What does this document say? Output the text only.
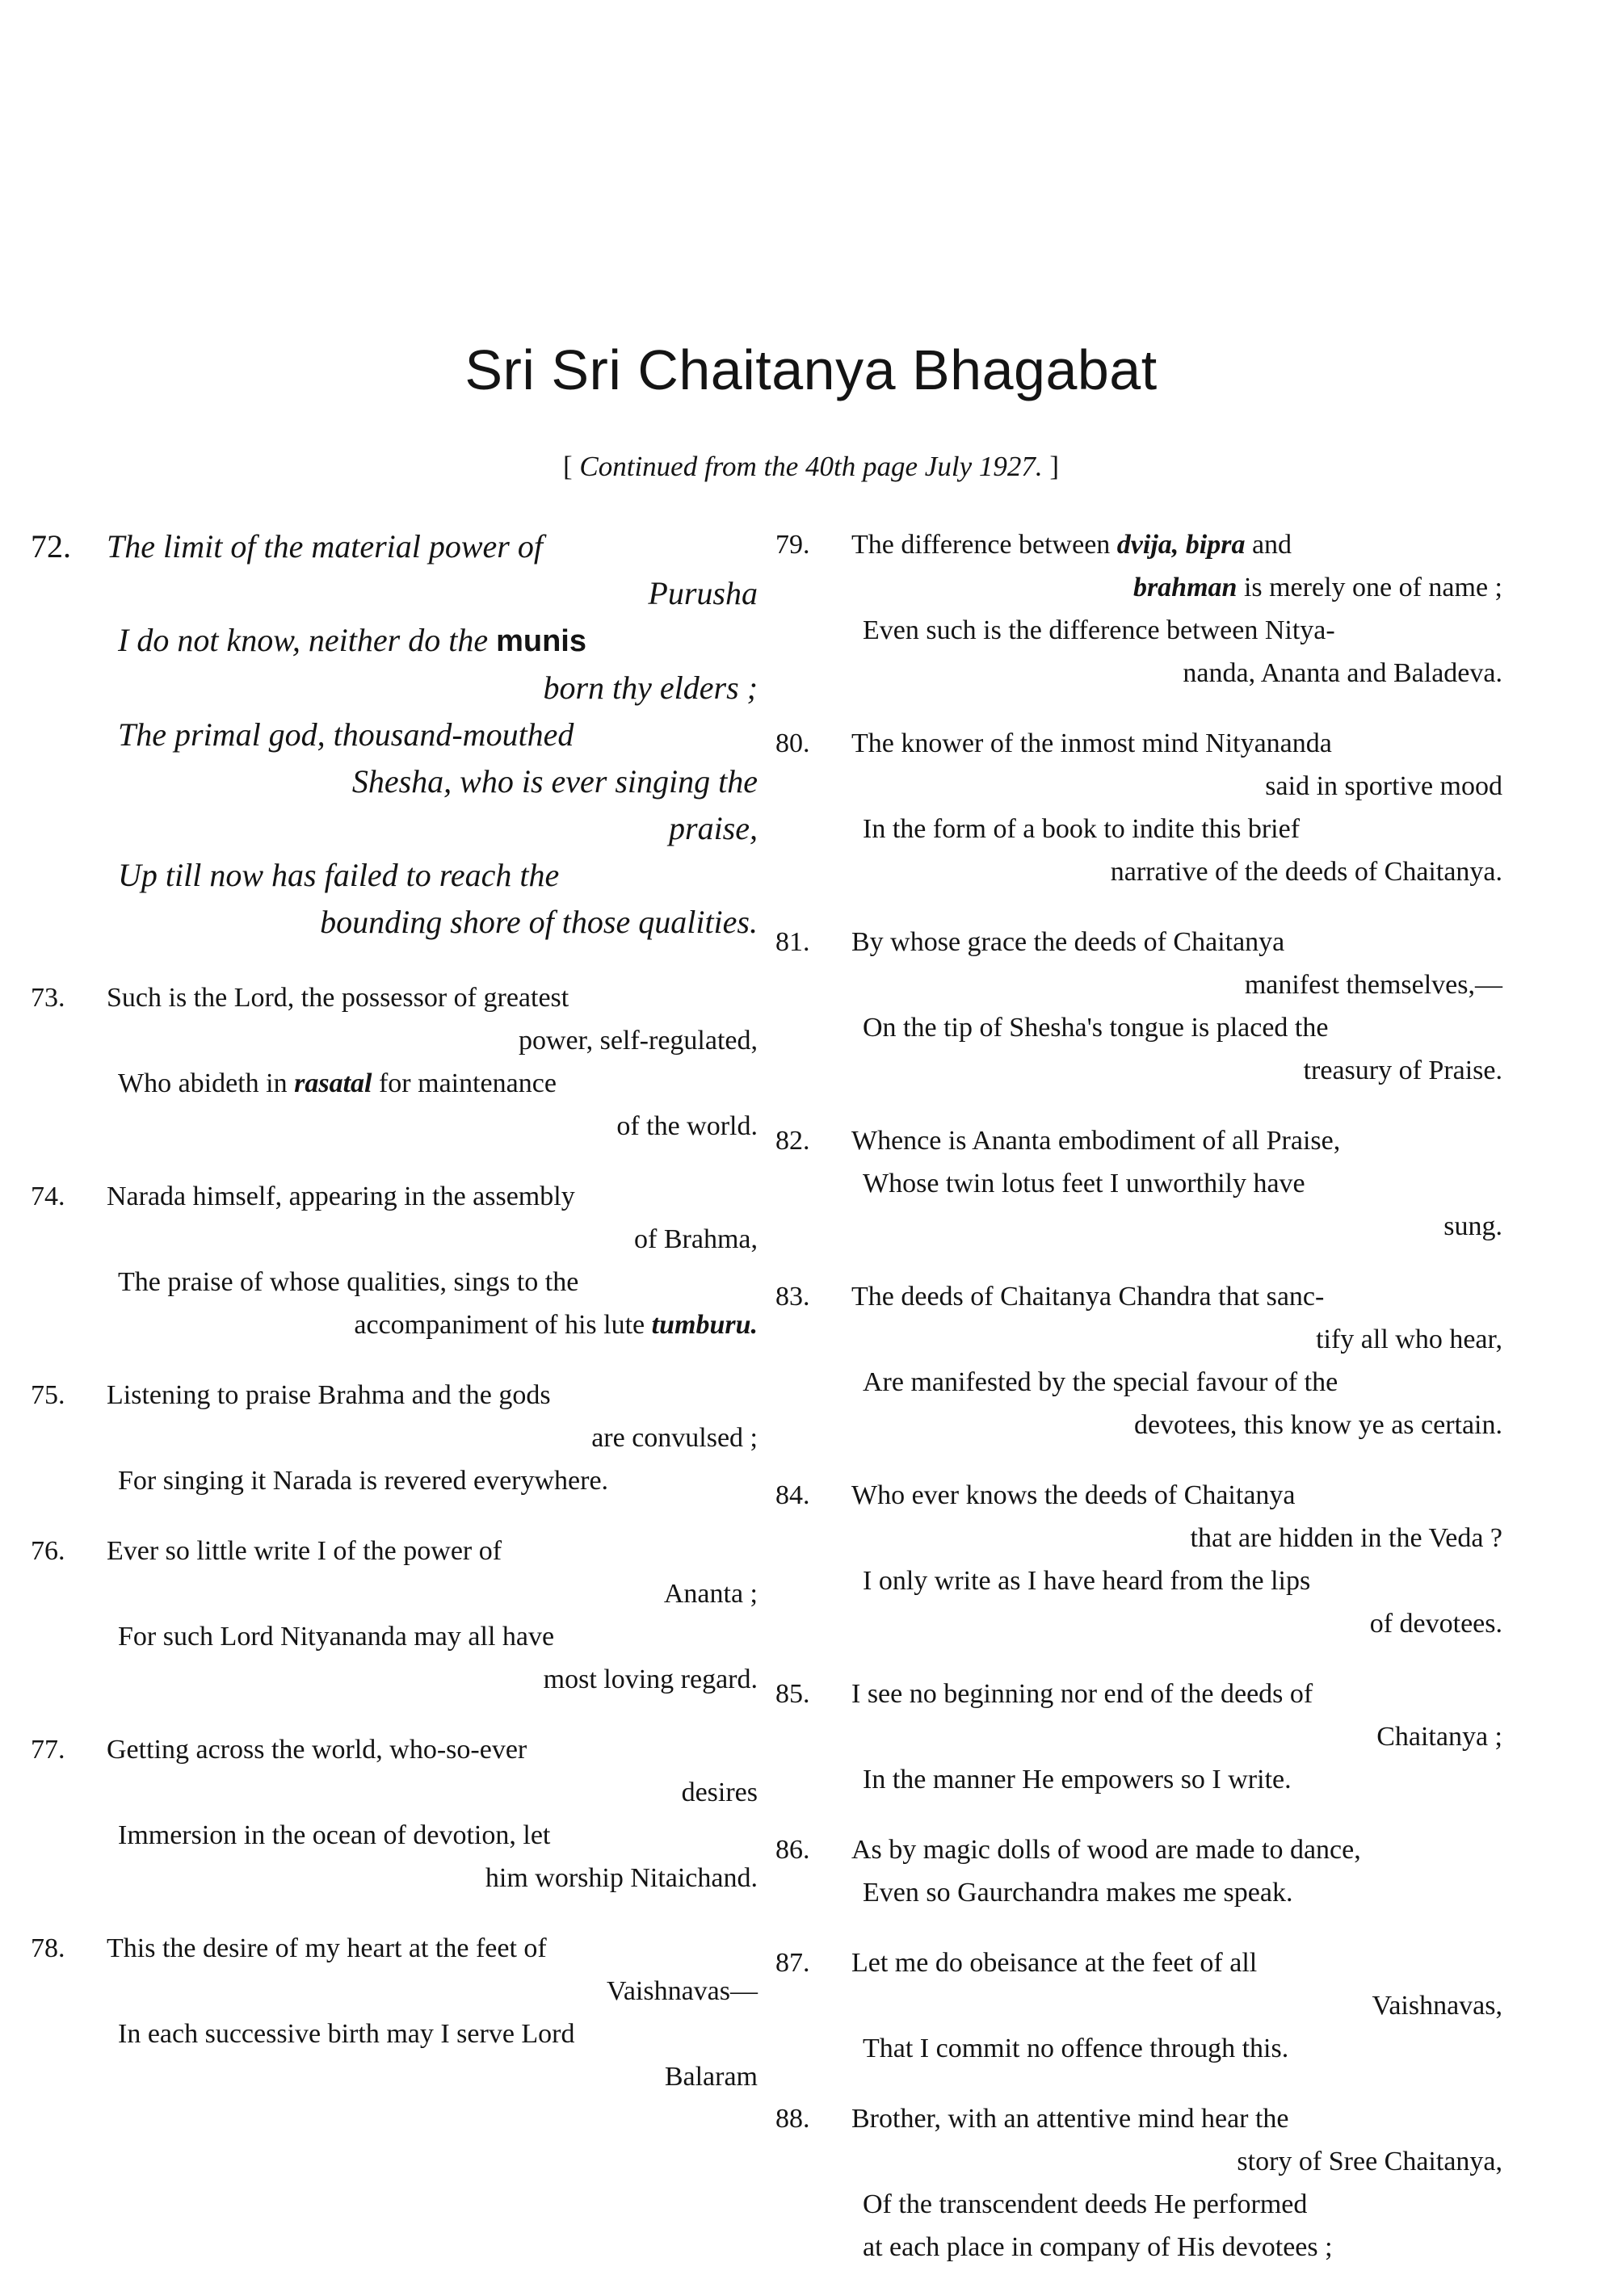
Sri Sri Chaitanya Bhagabat
[ Continued from the 40th page July 1927. ]
72. The limit of the material power of
Purusha
I do not know, neither do the munis
born thy elders ;
The primal god, thousand-mouthed
Shesha, who is ever singing the
praise,
Up till now has failed to reach the
bounding shore of those qualities.
73. Such is the Lord, the possessor of greatest
power, self-regulated,
Who abideth in rasatal for maintenance
of the world.
74. Narada himself, appearing in the assembly
of Brahma,
The praise of whose qualities, sings to the
accompaniment of his lute tumburu.
75. Listening to praise Brahma and the gods
are convulsed ;
For singing it Narada is revered everywhere.
76. Ever so little write I of the power of
Ananta ;
For such Lord Nityananda may all have
most loving regard.
77. Getting across the world, who-so-ever
desires
Immersion in the ocean of devotion, let
him worship Nitaichand.
78. This the desire of my heart at the feet of
Vaishnavas—
In each successive birth may I serve Lord
Balaram
79. The difference between dvija, bipra and
brahman is merely one of name ;
Even such is the difference between Nitya-
nanda, Ananta and Baladeva.
80. The knower of the inmost mind Nityananda
said in sportive mood
In the form of a book to indite this brief
narrative of the deeds of Chaitanya.
81. By whose grace the deeds of Chaitanya
manifest themselves,—
On the tip of Shesha's tongue is placed the
treasury of Praise.
82. Whence is Ananta embodiment of all Praise,
Whose twin lotus feet I unworthily have
sung.
83. The deeds of Chaitanya Chandra that sanc-
tify all who hear,
Are manifested by the special favour of the
devotees, this know ye as certain.
84. Who ever knows the deeds of Chaitanya
that are hidden in the Veda ?
I only write as I have heard from the lips
of devotees.
85. I see no beginning nor end of the deeds of
Chaitanya ;
In the manner He empowers so I write.
86. As by magic dolls of wood are made to dance,
Even so Gaurchandra makes me speak.
87. Let me do obeisance at the feet of all
Vaishnavas,
That I commit no offence through this.
88. Brother, with an attentive mind hear the
story of Sree Chaitanya,
Of the transcendent deeds He performed
at each place in company of His devotees ;
